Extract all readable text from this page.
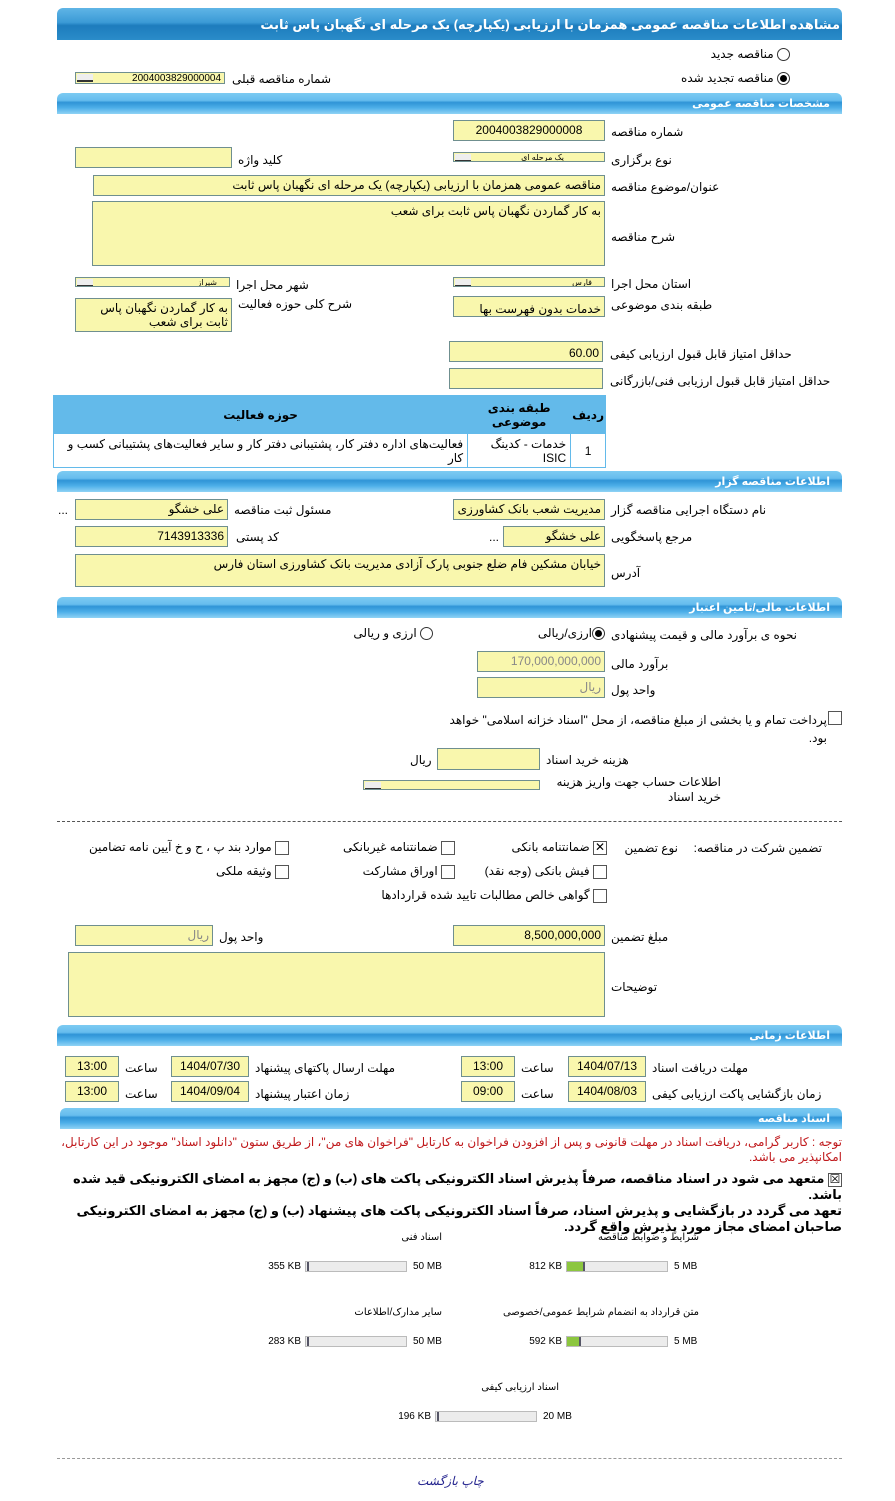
مشاهده اطلاعات مناقصه عمومی همزمان با ارزیابی (یکپارچه) یک مرحله ای نگهبان پاس ثابت
مناقصه جدید
مناقصه تجدید شده
شماره مناقصه قبلی
2004003829000004
مشخصات مناقصه عمومی
شماره مناقصه
2004003829000008
نوع برگزاری
یک مرحله ای
کلید واژه
عنوان/موضوع مناقصه
مناقصه عمومی همزمان با ارزیابی (یکپارچه) یک مرحله ای نگهبان پاس ثابت
شرح مناقصه
به کار گماردن نگهبان پاس ثابت برای شعب
استان محل اجرا
فارس
شهر محل اجرا
شیراز
طبقه بندی موضوعی
خدمات بدون فهرست بها
شرح کلی حوزه فعالیت
به کار گماردن نگهبان پاس ثابت برای شعب
حداقل امتیاز قابل قبول ارزیابی کیفی
60.00
حداقل امتیاز قابل قبول ارزیابی فنی/بازرگانی
ردیف	طبقه بندی موضوعی	حوزه فعالیت
1	خدمات - کدینگ ISIC	فعالیت‌های اداره دفتر کار، پشتیبانی دفتر کار و سایر فعالیت‌های پشتیبانی کسب و کار
اطلاعات مناقصه گزار
نام دستگاه اجرایی مناقصه گزار
مدیریت شعب بانک کشاورزی
مسئول ثبت مناقصه
علی خشگو
...
مرجع پاسخگویی
علی خشگو
...
کد پستی
7143913336
آدرس
خیابان مشکین فام ضلع جنوبی پارک آزادی مدیریت بانک کشاورزی استان فارس
اطلاعات مالی/تامین اعتبار
نحوه ی برآورد مالی و قیمت پیشنهادی
ارزی/ریالی
ارزی و ریالی
برآورد مالی
170,000,000,000
واحد پول
ریال
پرداخت تمام و یا بخشی از مبلغ مناقصه، از محل "اسناد خزانه اسلامی" خواهد بود.
هزینه خرید اسناد
ریال
اطلاعات حساب جهت واریز هزینه خرید اسناد
تضمین شرکت در مناقصه:
نوع تضمین
✕ ضمانتنامه بانکی
ضمانتنامه غیربانکی
موارد بند پ ، ح و خ آیین نامه تضامین
فیش بانکی (وجه نقد)
اوراق مشارکت
وثیقه ملکی
گواهی خالص مطالبات تایید شده قراردادها
مبلغ تضمین
8,500,000,000
واحد پول
ریال
توضیحات
اطلاعات زمانی
مهلت دریافت اسناد
1404/07/13
ساعت
13:00
مهلت ارسال پاکتهای پیشنهاد
1404/07/30
ساعت
13:00
زمان بازگشایی پاکت ارزیابی کیفی
1404/08/03
ساعت
09:00
زمان اعتبار پیشنهاد
1404/09/04
ساعت
13:00
اسناد مناقصه
توجه : کاربر گرامی، دریافت اسناد در مهلت قانونی و پس از افزودن فراخوان به کارتابل "فراخوان های من"، از طریق ستون "دانلود اسناد" موجود در این کارتابل، امکانپذیر می باشد.
☒ متعهد می شود در اسناد مناقصه، صرفاً پذیرش اسناد الکترونیکی پاکت های (ب) و (ج) مجهز به امضای الکترونیکی قید شده باشد.
تعهد می گردد در بازگشایی و پذیرش اسناد، صرفاً اسناد الکترونیکی پاکت های پیشنهاد (ب) و (ج) مجهز به امضای الکترونیکی صاحبان امضای مجاز مورد پذیرش واقع گردد.
شرایط و ضوابط مناقصه
812 KB	5 MB
اسناد فنی
355 KB	50 MB
متن قرارداد به انضمام شرایط عمومی/خصوصی
592 KB	5 MB
سایر مدارک/اطلاعات
283 KB	50 MB
اسناد ارزیابی کیفی
196 KB	20 MB
چاپ بازگشت
